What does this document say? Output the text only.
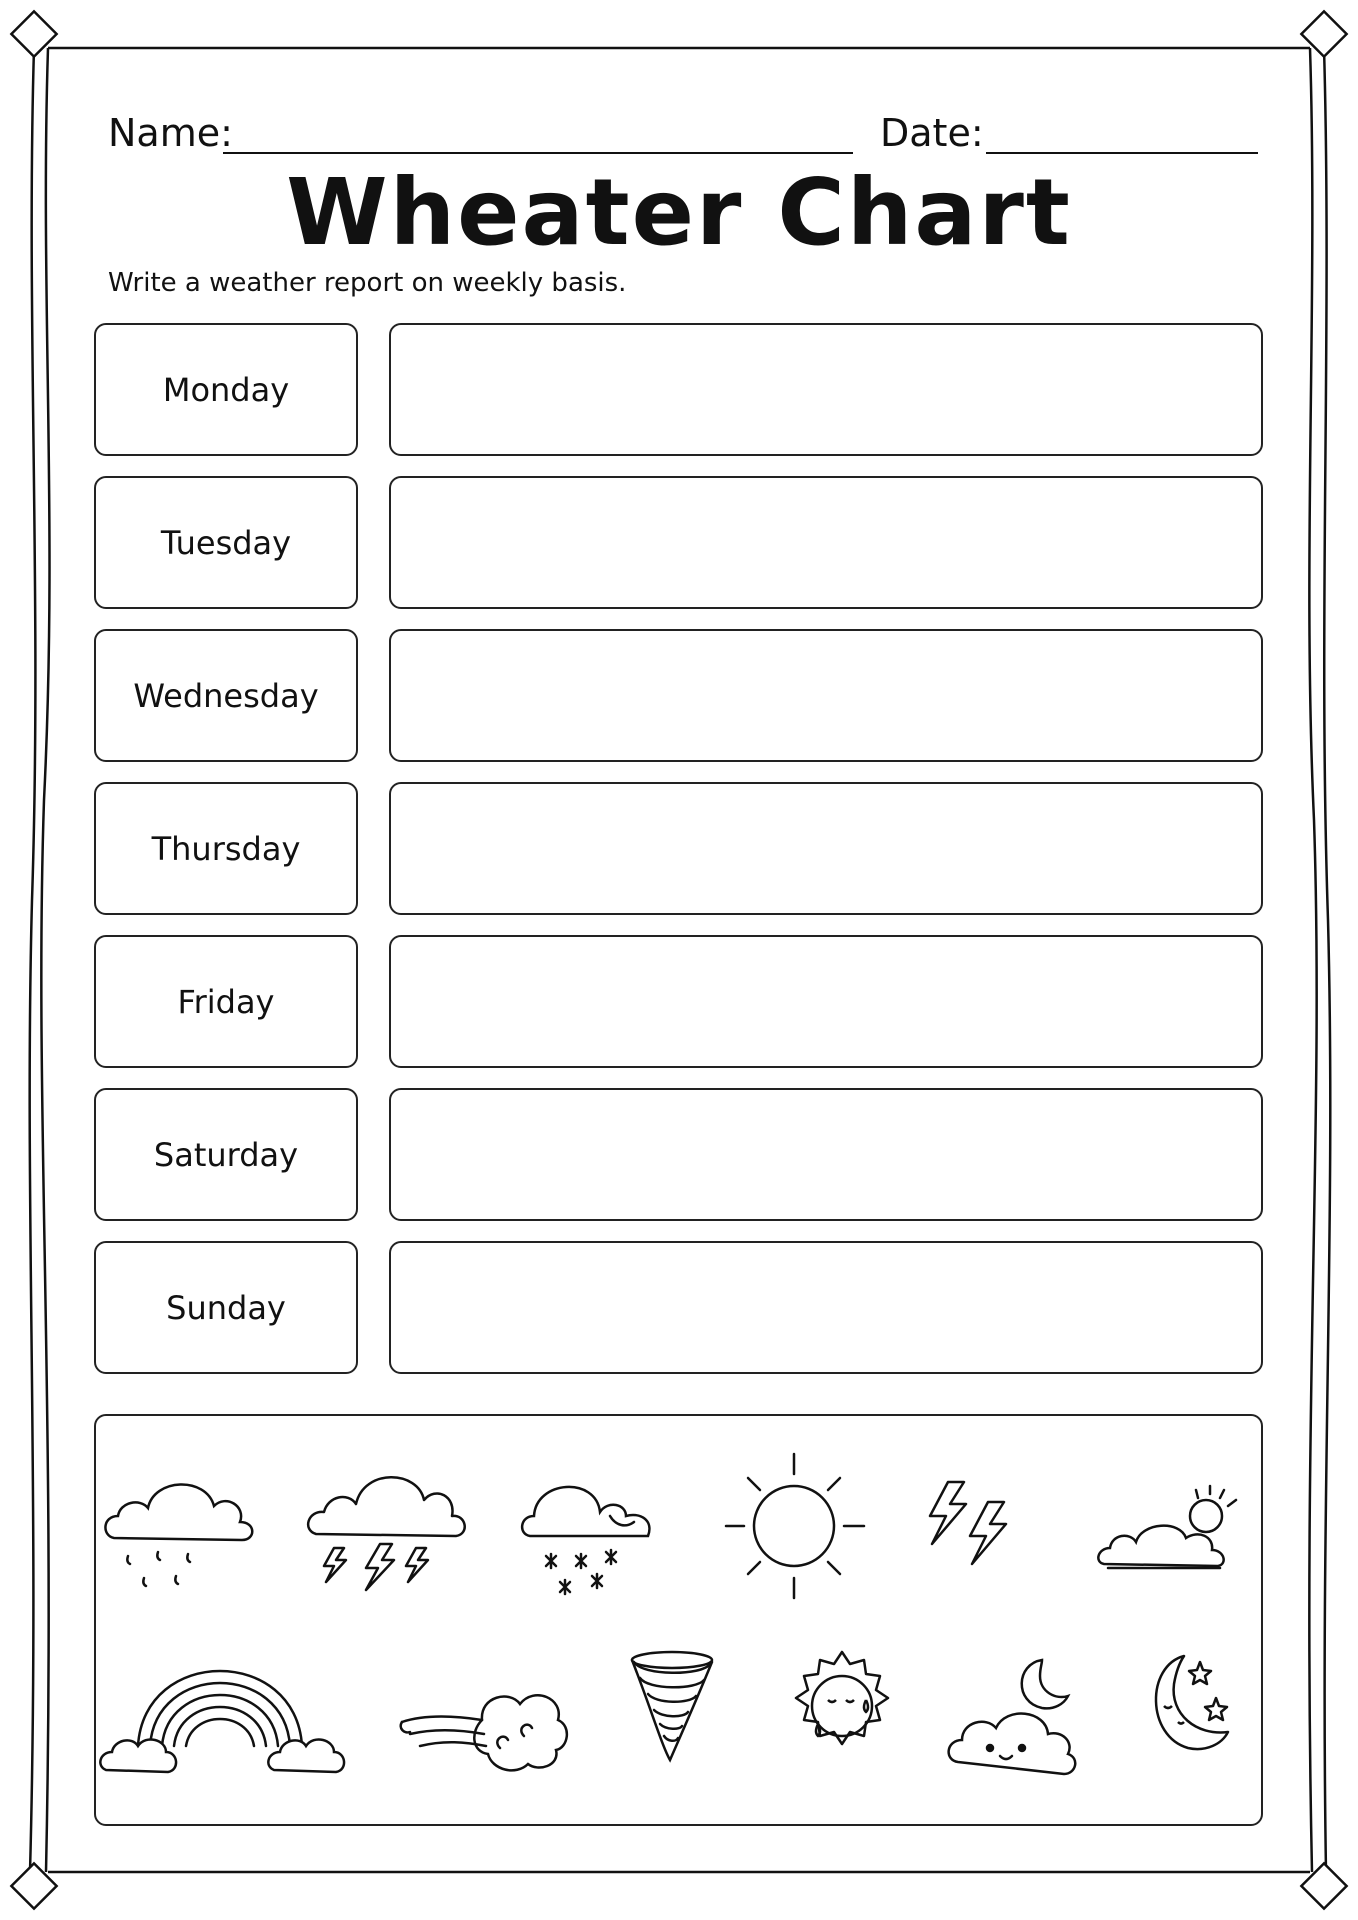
Name:	Date:
Wheater Chart
Write a weather report on weekly basis.
Monday
Tuesday
Wednesday
Thursday
Friday
Saturday
Sunday
